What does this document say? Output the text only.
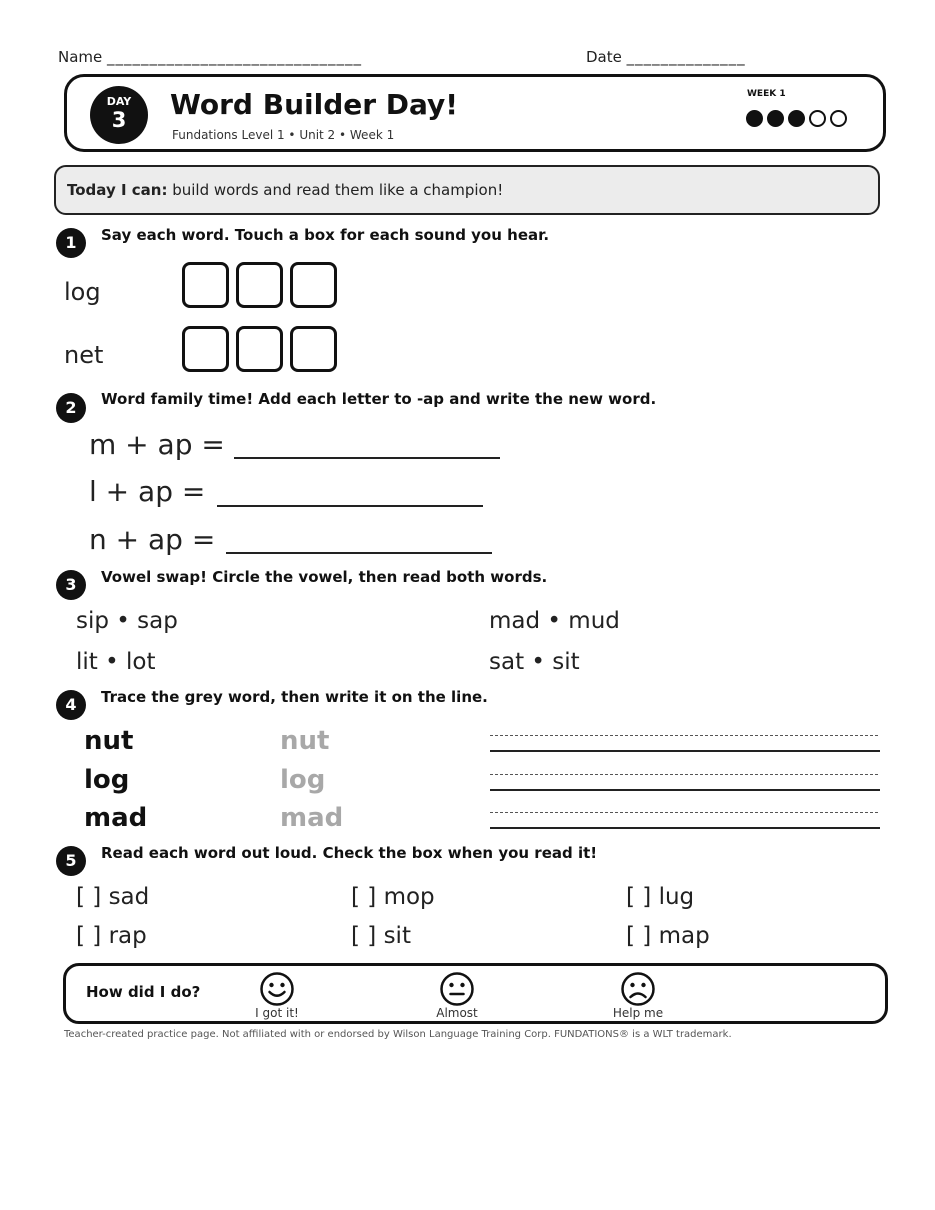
Name ______________________________	Date ______________
DAY
3	Word Builder Day!
Fundations Level 1 • Unit 2 • Week 1
WEEK 1
Today I can: build words and read them like a champion!
1	Say each word. Touch a box for each sound you hear.
log
net
2	Word family time! Add each letter to -ap and write the new word.
m + ap =
l + ap =
n + ap =
3	Vowel swap! Circle the vowel, then read both words.
sip • sap	mad • mud
lit • lot	sat • sit
4	Trace the grey word, then write it on the line.
nut	nut
log	log
mad	mad
5	Read each word out loud. Check the box when you read it!
[ ] sad	[ ] mop	[ ] lug
[ ] rap	[ ] sit	[ ] map
How did I do?
I got it!	Almost	Help me
Teacher-created practice page. Not affiliated with or endorsed by Wilson Language Training Corp. FUNDATIONS® is a WLT trademark.
